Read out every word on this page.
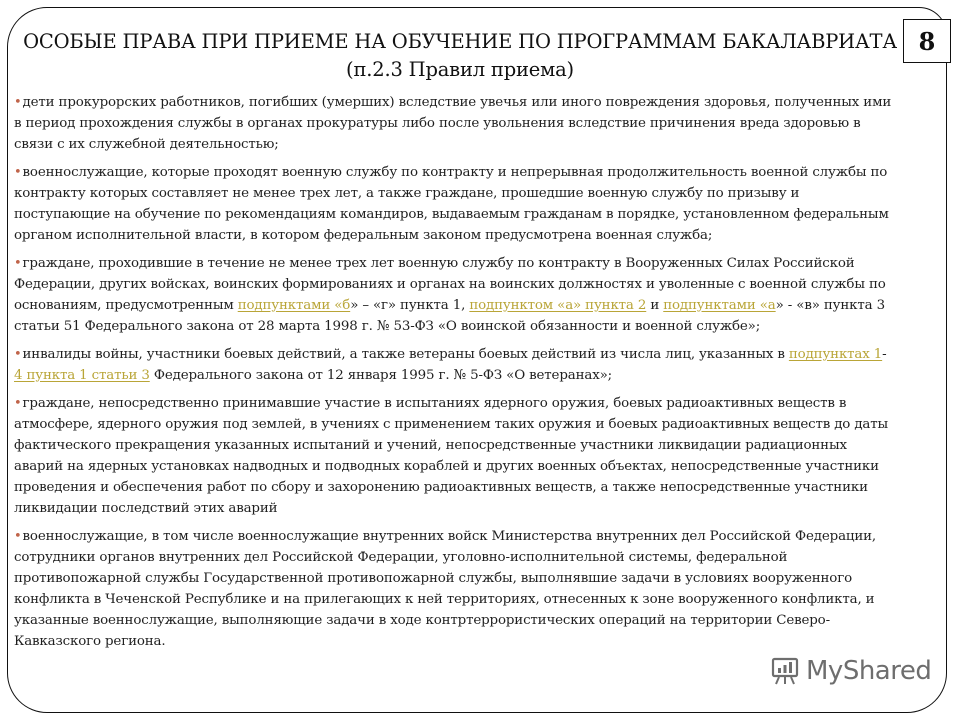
ОСОБЫЕ ПРАВА ПРИ ПРИЕМЕ НА ОБУЧЕНИЕ ПО ПРОГРАММАМ БАКАЛАВРИАТА
(п.2.3 Правил приема)
8

•дети прокурорских работников, погибших (умерших) вследствие увечья или иного повреждения здоровья, полученных ими в период прохождения службы в органах прокуратуры либо после увольнения вследствие причинения вреда здоровью в связи с их служебной деятельностью;

•военнослужащие, которые проходят военную службу по контракту и непрерывная продолжительность военной службы по контракту которых составляет не менее трех лет, а также граждане, прошедшие военную службу по призыву и поступающие на обучение по рекомендациям командиров, выдаваемым гражданам в порядке, установленном федеральным органом исполнительной власти, в котором федеральным законом предусмотрена военная служба;

•граждане, проходившие в течение не менее трех лет военную службу по контракту в Вооруженных Силах Российской Федерации, других войсках, воинских формированиях и органах на воинских должностях и уволенные с военной службы по основаниям, предусмотренным подпунктами «б» – «г» пункта 1, подпунктом «а» пункта 2 и подпунктами «а» - «в» пункта 3 статьи 51 Федерального закона от 28 марта 1998 г. № 53-ФЗ «О воинской обязанности и военной службе»;

•инвалиды войны, участники боевых действий, а также ветераны боевых действий из числа лиц, указанных в подпунктах 1-4 пункта 1 статьи 3 Федерального закона от 12 января 1995 г. № 5-ФЗ «О ветеранах»;

•граждане, непосредственно принимавшие участие в испытаниях ядерного оружия, боевых радиоактивных веществ в атмосфере, ядерного оружия под землей, в учениях с применением таких оружия и боевых радиоактивных веществ до даты фактического прекращения указанных испытаний и учений, непосредственные участники ликвидации радиационных аварий на ядерных установках надводных и подводных кораблей и других военных объектах, непосредственные участники проведения и обеспечения работ по сбору и захоронению радиоактивных веществ, а также непосредственные участники ликвидации последствий этих аварий

•военнослужащие, в том числе военнослужащие внутренних войск Министерства внутренних дел Российской Федерации, сотрудники органов внутренних дел Российской Федерации, уголовно-исполнительной системы, федеральной противопожарной службы Государственной противопожарной службы, выполнявшие задачи в условиях вооруженного конфликта в Чеченской Республике и на прилегающих к ней территориях, отнесенных к зоне вооруженного конфликта, и указанные военнослужащие, выполняющие задачи в ходе контртеррористических операций на территории Северо-Кавказского региона.

MyShared
